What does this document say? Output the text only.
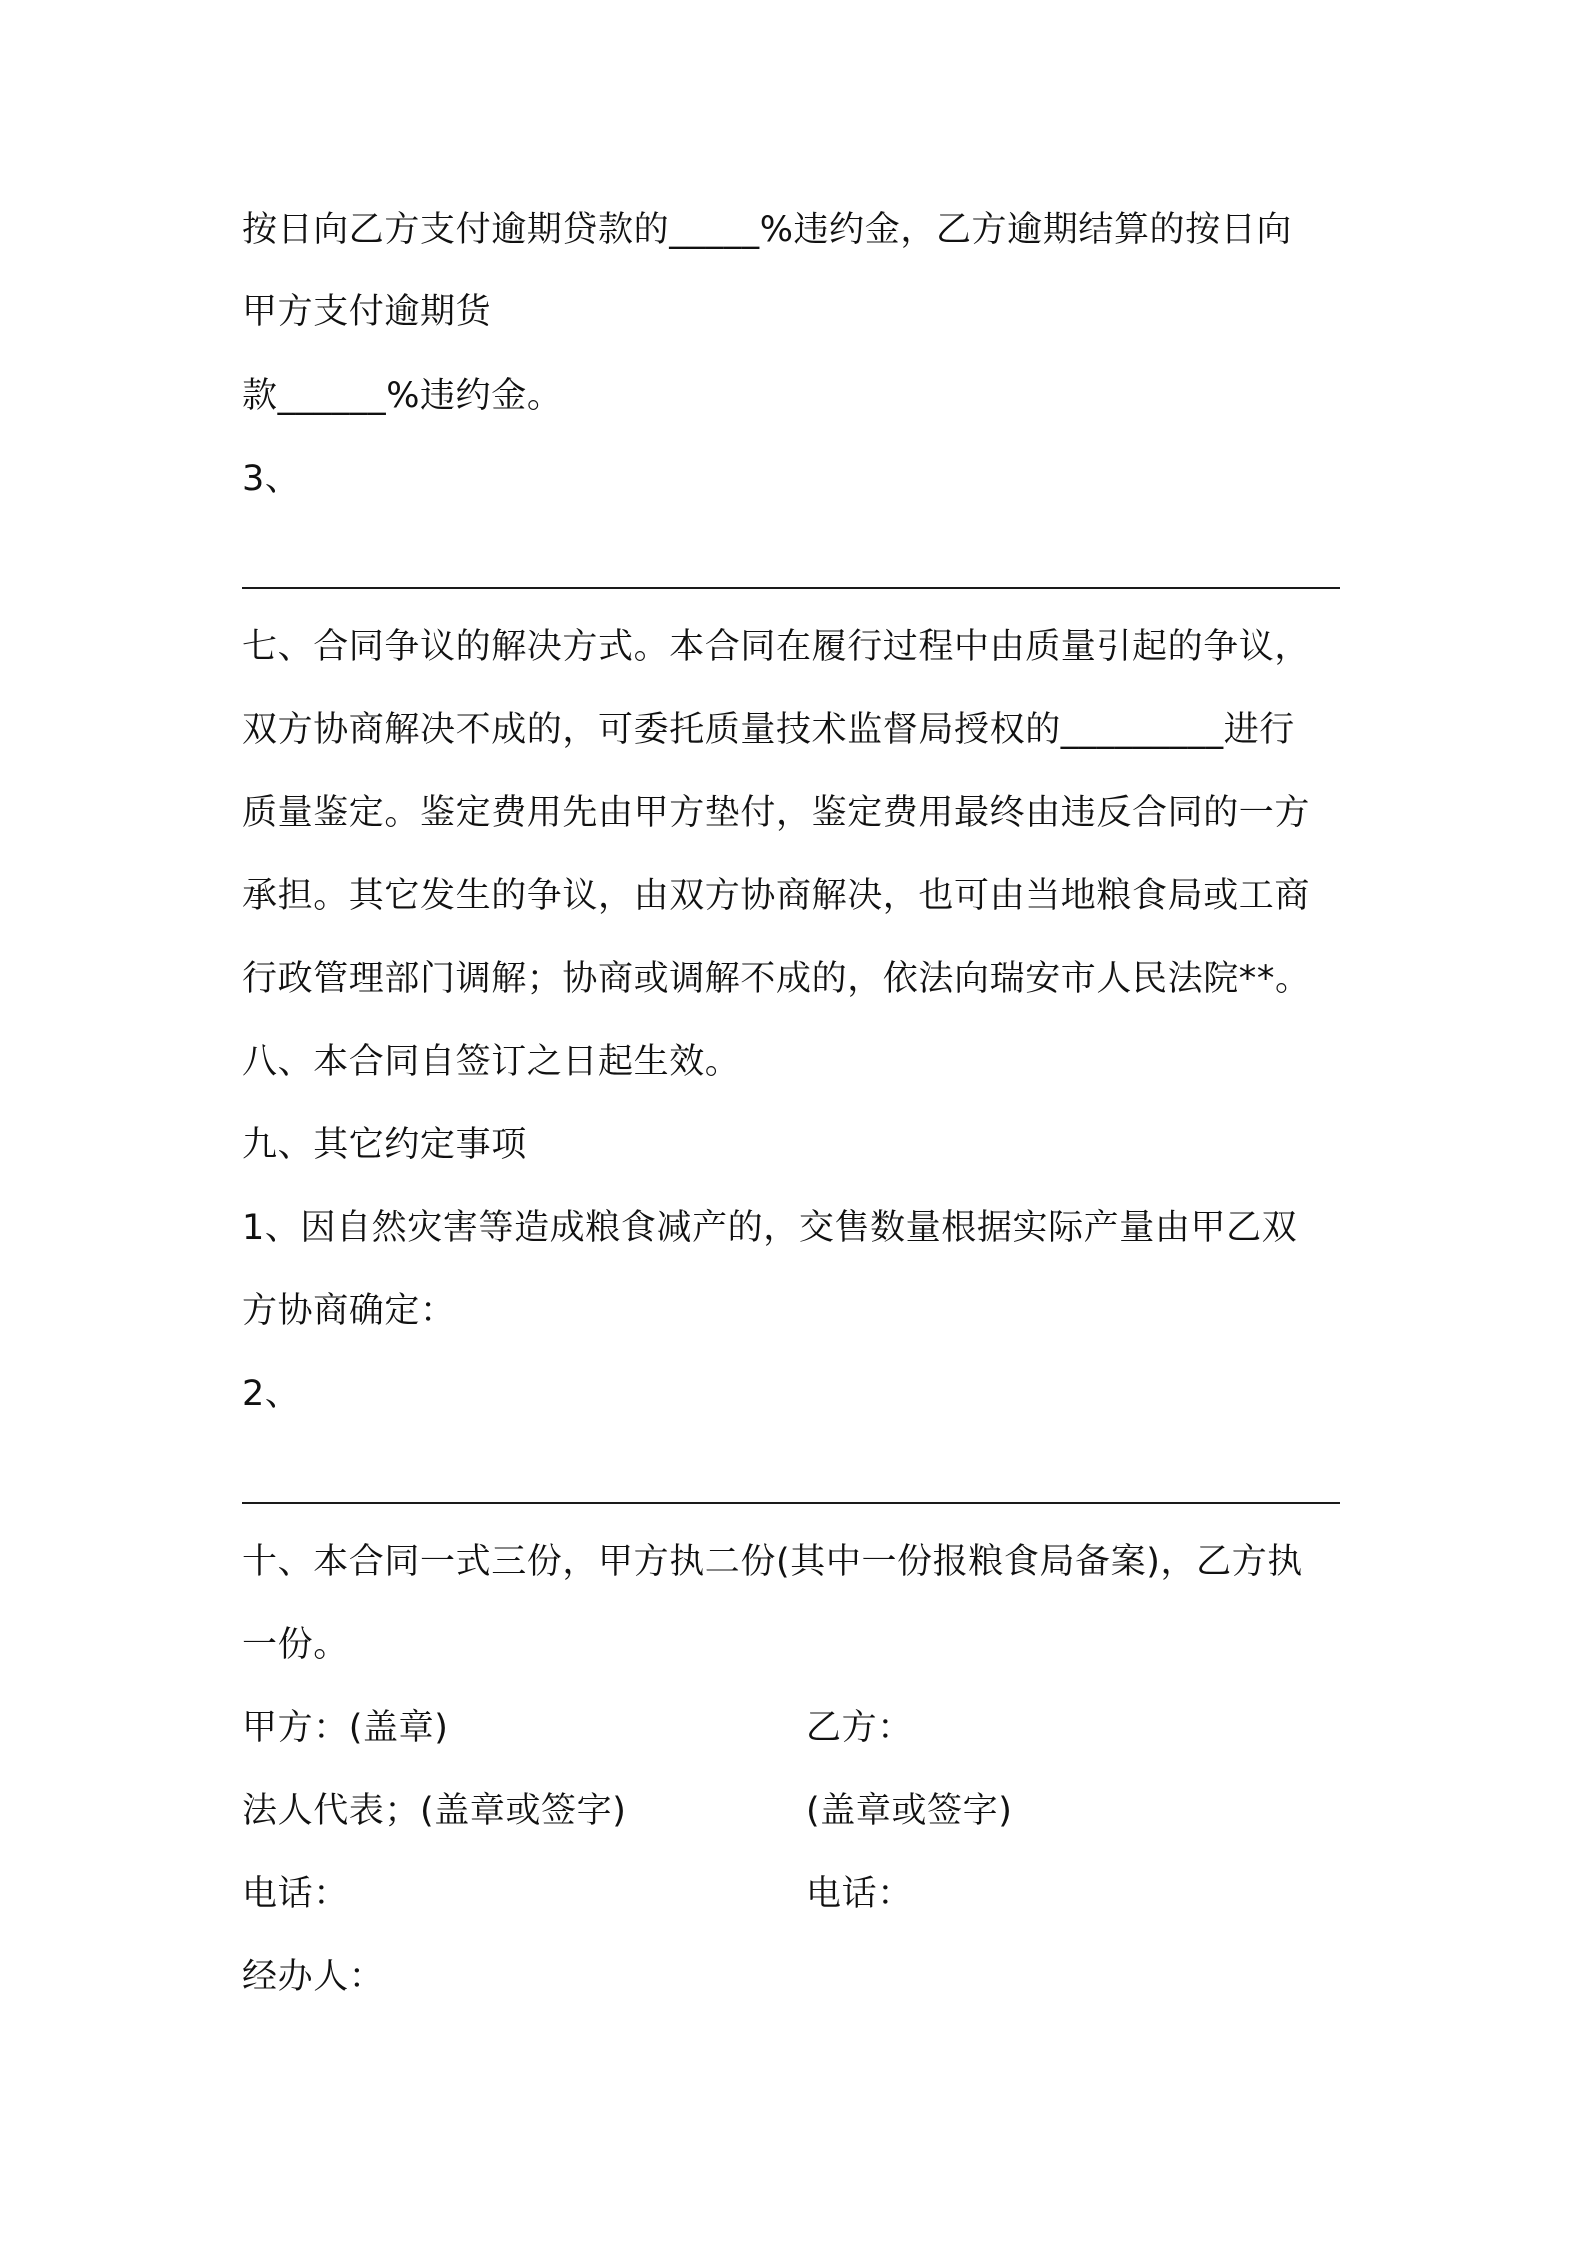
按日向乙方支付逾期贷款的_____%违约金，乙方逾期结算的按日向
甲方支付逾期货
款______%违约金。
3、
七、合同争议的解决方式。本合同在履行过程中由质量引起的争议，
双方协商解决不成的，可委托质量技术监督局授权的_________进行
质量鉴定。鉴定费用先由甲方垫付，鉴定费用最终由违反合同的一方
承担。其它发生的争议，由双方协商解决，也可由当地粮食局或工商
行政管理部门调解；协商或调解不成的，依法向瑞安市人民法院**。
八、本合同自签订之日起生效。
九、其它约定事项
1、因自然灾害等造成粮食减产的，交售数量根据实际产量由甲乙双
方协商确定：
2、
十、本合同一式三份，甲方执二份(其中一份报粮食局备案)，乙方执
一份。
甲方：(盖章)	乙方：
法人代表；(盖章或签字)	(盖章或签字)
电话：	电话：
经办人：
